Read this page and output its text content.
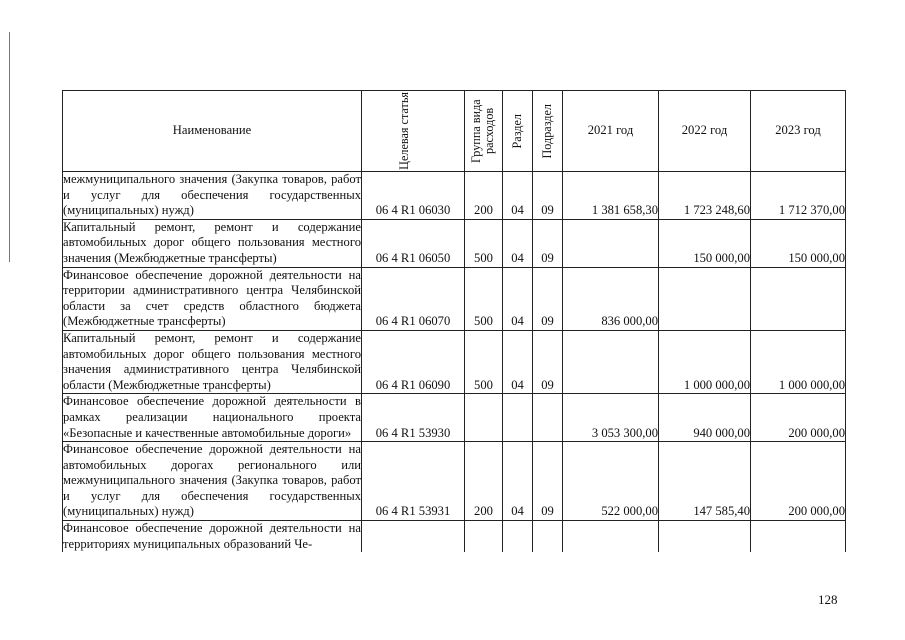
Наименование	Целевая статья	Группа вида расходов	Раздел	Подраздел	2021 год	2022 год	2023 год
межмуниципального значения (Закупка товаров, работ и услуг для обеспечения государственных (муниципальных) нужд)	06 4 R1 06030	200	04	09	1 381 658,30	1 723 248,60	1 712 370,00
Капитальный ремонт, ремонт и содержание автомобильных дорог общего пользования местного значения (Межбюджетные трансферты)	06 4 R1 06050	500	04	09		150 000,00	150 000,00
Финансовое обеспечение дорожной деятельности на территории административного центра Челябинской области за счет средств областного бюджета (Межбюджетные трансферты)	06 4 R1 06070	500	04	09	836 000,00		
Капитальный ремонт, ремонт и содержание автомобильных дорог общего пользования местного значения административного центра Челябинской области (Межбюджетные трансферты)	06 4 R1 06090	500	04	09		1 000 000,00	1 000 000,00
Финансовое обеспечение дорожной деятельности в рамках реализации национального проекта «Безопасные и качественные автомобильные дороги»	06 4 R1 53930				3 053 300,00	940 000,00	200 000,00
Финансовое обеспечение дорожной деятельности на автомобильных дорогах регионального или межмуниципального значения (Закупка товаров, работ и услуг для обеспечения государственных (муниципальных) нужд)	06 4 R1 53931	200	04	09	522 000,00	147 585,40	200 000,00
Финансовое обеспечение дорожной деятельности на территориях муниципальных образований Че-							
128
